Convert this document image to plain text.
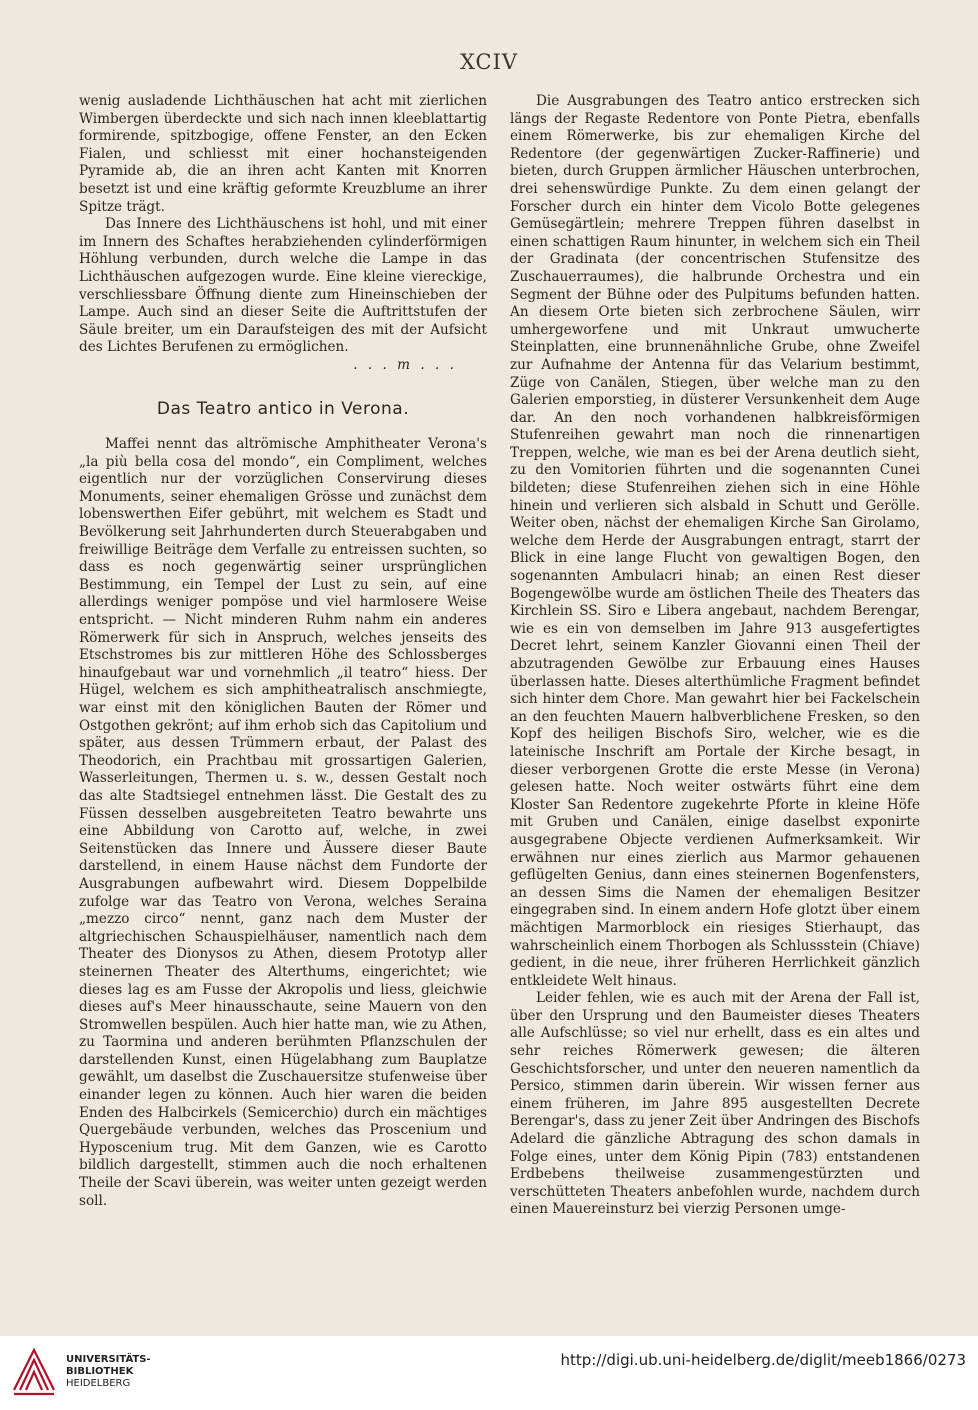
XCIV

wenig ausladende Lichthäuschen hat acht mit zierlichen Wimbergen überdeckte und sich nach innen kleeblattartig formirende, spitzbogige, offene Fenster, an den Ecken Fialen, und schliesst mit einer hochansteigenden Pyramide ab, die an ihren acht Kanten mit Knorren besetzt ist und eine kräftig geformte Kreuzblume an ihrer Spitze trägt.

Das Innere des Lichthäuschens ist hohl, und mit einer im Innern des Schaftes herabziehenden cylinderförmigen Höhlung verbunden, durch welche die Lampe in das Lichthäuschen aufgezogen wurde. Eine kleine viereckige, verschliessbare Öffnung diente zum Hineinschieben der Lampe. Auch sind an dieser Seite die Auftrittstufen der Säule breiter, um ein Daraufsteigen des mit der Aufsicht des Lichtes Berufenen zu ermöglichen.

. . . m . . .

Das Teatro antico in Verona.

Maffei nennt das altrömische Amphitheater Verona's „la più bella cosa del mondo“, ein Compliment, welches eigentlich nur der vorzüglichen Conservirung dieses Monuments, seiner ehemaligen Grösse und zunächst dem lobenswerthen Eifer gebührt, mit welchem es Stadt und Bevölkerung seit Jahrhunderten durch Steuerabgaben und freiwillige Beiträge dem Verfalle zu entreissen suchten, so dass es noch gegenwärtig seiner ursprünglichen Bestimmung, ein Tempel der Lust zu sein, auf eine allerdings weniger pompöse und viel harmlosere Weise entspricht. — Nicht minderen Ruhm nahm ein anderes Römerwerk für sich in Anspruch, welches jenseits des Etschstromes bis zur mittleren Höhe des Schlossberges hinaufgebaut war und vornehmlich „il teatro“ hiess. Der Hügel, welchem es sich amphitheatralisch anschmiegte, war einst mit den königlichen Bauten der Römer und Ostgothen gekrönt; auf ihm erhob sich das Capitolium und später, aus dessen Trümmern erbaut, der Palast des Theodorich, ein Prachtbau mit grossartigen Galerien, Wasserleitungen, Thermen u. s. w., dessen Gestalt noch das alte Stadtsiegel entnehmen lässt. Die Gestalt des zu Füssen desselben ausgebreiteten Teatro bewahrte uns eine Abbildung von Carotto auf, welche, in zwei Seitenstücken das Innere und Äussere dieser Baute darstellend, in einem Hause nächst dem Fundorte der Ausgrabungen aufbewahrt wird. Diesem Doppelbilde zufolge war das Teatro von Verona, welches Seraina „mezzo circo“ nennt, ganz nach dem Muster der altgriechischen Schauspielhäuser, namentlich nach dem Theater des Dionysos zu Athen, diesem Prototyp aller steinernen Theater des Alterthums, eingerichtet; wie dieses lag es am Fusse der Akropolis und liess, gleichwie dieses auf's Meer hinausschaute, seine Mauern von den Stromwellen bespülen. Auch hier hatte man, wie zu Athen, zu Taormina und anderen berühmten Pflanzschulen der darstellenden Kunst, einen Hügelabhang zum Bauplatze gewählt, um daselbst die Zuschauersitze stufenweise über einander legen zu können. Auch hier waren die beiden Enden des Halbcirkels (Semicerchio) durch ein mächtiges Quergebäude verbunden, welches das Proscenium und Hyposcenium trug. Mit dem Ganzen, wie es Carotto bildlich dargestellt, stimmen auch die noch erhaltenen Theile der Scavi überein, was weiter unten gezeigt werden soll.

Die Ausgrabungen des Teatro antico erstrecken sich längs der Regaste Redentore von Ponte Pietra, ebenfalls einem Römerwerke, bis zur ehemaligen Kirche del Redentore (der gegenwärtigen Zucker-Raffinerie) und bieten, durch Gruppen ärmlicher Häuschen unterbrochen, drei sehenswürdige Punkte. Zu dem einen gelangt der Forscher durch ein hinter dem Vicolo Botte gelegenes Gemüsegärtlein; mehrere Treppen führen daselbst in einen schattigen Raum hinunter, in welchem sich ein Theil der Gradinata (der concentrischen Stufensitze des Zuschauerraumes), die halbrunde Orchestra und ein Segment der Bühne oder des Pulpitums befunden hatten. An diesem Orte bieten sich zerbrochene Säulen, wirr umhergeworfene und mit Unkraut umwucherte Steinplatten, eine brunnenähnliche Grube, ohne Zweifel zur Aufnahme der Antenna für das Velarium bestimmt, Züge von Canälen, Stiegen, über welche man zu den Galerien emporstieg, in düsterer Versunkenheit dem Auge dar. An den noch vorhandenen halbkreisförmigen Stufenreihen gewahrt man noch die rinnenartigen Treppen, welche, wie man es bei der Arena deutlich sieht, zu den Vomitorien führten und die sogenannten Cunei bildeten; diese Stufenreihen ziehen sich in eine Höhle hinein und verlieren sich alsbald in Schutt und Gerölle. Weiter oben, nächst der ehemaligen Kirche San Girolamo, welche dem Herde der Ausgrabungen entragt, starrt der Blick in eine lange Flucht von gewaltigen Bogen, den sogenannten Ambulacri hinab; an einen Rest dieser Bogengewölbe wurde am östlichen Theile des Theaters das Kirchlein SS. Siro e Libera angebaut, nachdem Berengar, wie es ein von demselben im Jahre 913 ausgefertigtes Decret lehrt, seinem Kanzler Giovanni einen Theil der abzutragenden Gewölbe zur Erbauung eines Hauses überlassen hatte. Dieses alterthümliche Fragment befindet sich hinter dem Chore. Man gewahrt hier bei Fackelschein an den feuchten Mauern halbverblichene Fresken, so den Kopf des heiligen Bischofs Siro, welcher, wie es die lateinische Inschrift am Portale der Kirche besagt, in dieser verborgenen Grotte die erste Messe (in Verona) gelesen hatte. Noch weiter ostwärts führt eine dem Kloster San Redentore zugekehrte Pforte in kleine Höfe mit Gruben und Canälen, einige daselbst exponirte ausgegrabene Objecte verdienen Aufmerksamkeit. Wir erwähnen nur eines zierlich aus Marmor gehauenen geflügelten Genius, dann eines steinernen Bogenfensters, an dessen Sims die Namen der ehemaligen Besitzer eingegraben sind. In einem andern Hofe glotzt über einem mächtigen Marmorblock ein riesiges Stierhaupt, das wahrscheinlich einem Thorbogen als Schlussstein (Chiave) gedient, in die neue, ihrer früheren Herrlichkeit gänzlich entkleidete Welt hinaus.

Leider fehlen, wie es auch mit der Arena der Fall ist, über den Ursprung und den Baumeister dieses Theaters alle Aufschlüsse; so viel nur erhellt, dass es ein altes und sehr reiches Römerwerk gewesen; die älteren Geschichtsforscher, und unter den neueren namentlich da Persico, stimmen darin überein. Wir wissen ferner aus einem früheren, im Jahre 895 ausgestellten Decrete Berengar's, dass zu jener Zeit über Andringen des Bischofs Adelard die gänzliche Abtragung des schon damals in Folge eines, unter dem König Pipin (783) entstandenen Erdbebens theilweise zusammengestürzten und verschütteten Theaters anbefohlen wurde, nachdem durch einen Mauereinsturz bei vierzig Personen umge-

UNIVERSITÄTS-
BIBLIOTHEK
HEIDELBERG
http://digi.ub.uni-heidelberg.de/diglit/meeb1866/0273
